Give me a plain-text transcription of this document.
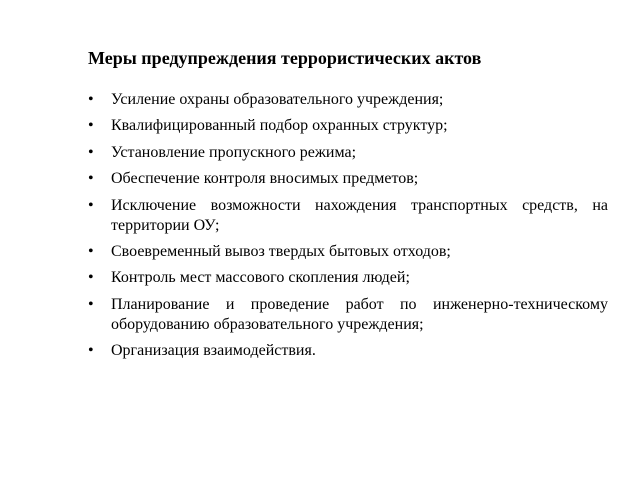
Меры предупреждения террористических актов
• Усиление охраны образовательного учреждения;
• Квалифицированный подбор охранных структур;
• Установление пропускного режима;
• Обеспечение контроля вносимых предметов;
• Исключение возможности нахождения транспортных средств, на территории ОУ;
• Своевременный вывоз твердых бытовых отходов;
• Контроль мест массового скопления людей;
• Планирование и проведение работ по инженерно-техническому оборудованию образовательного учреждения;
• Организация взаимодействия.
